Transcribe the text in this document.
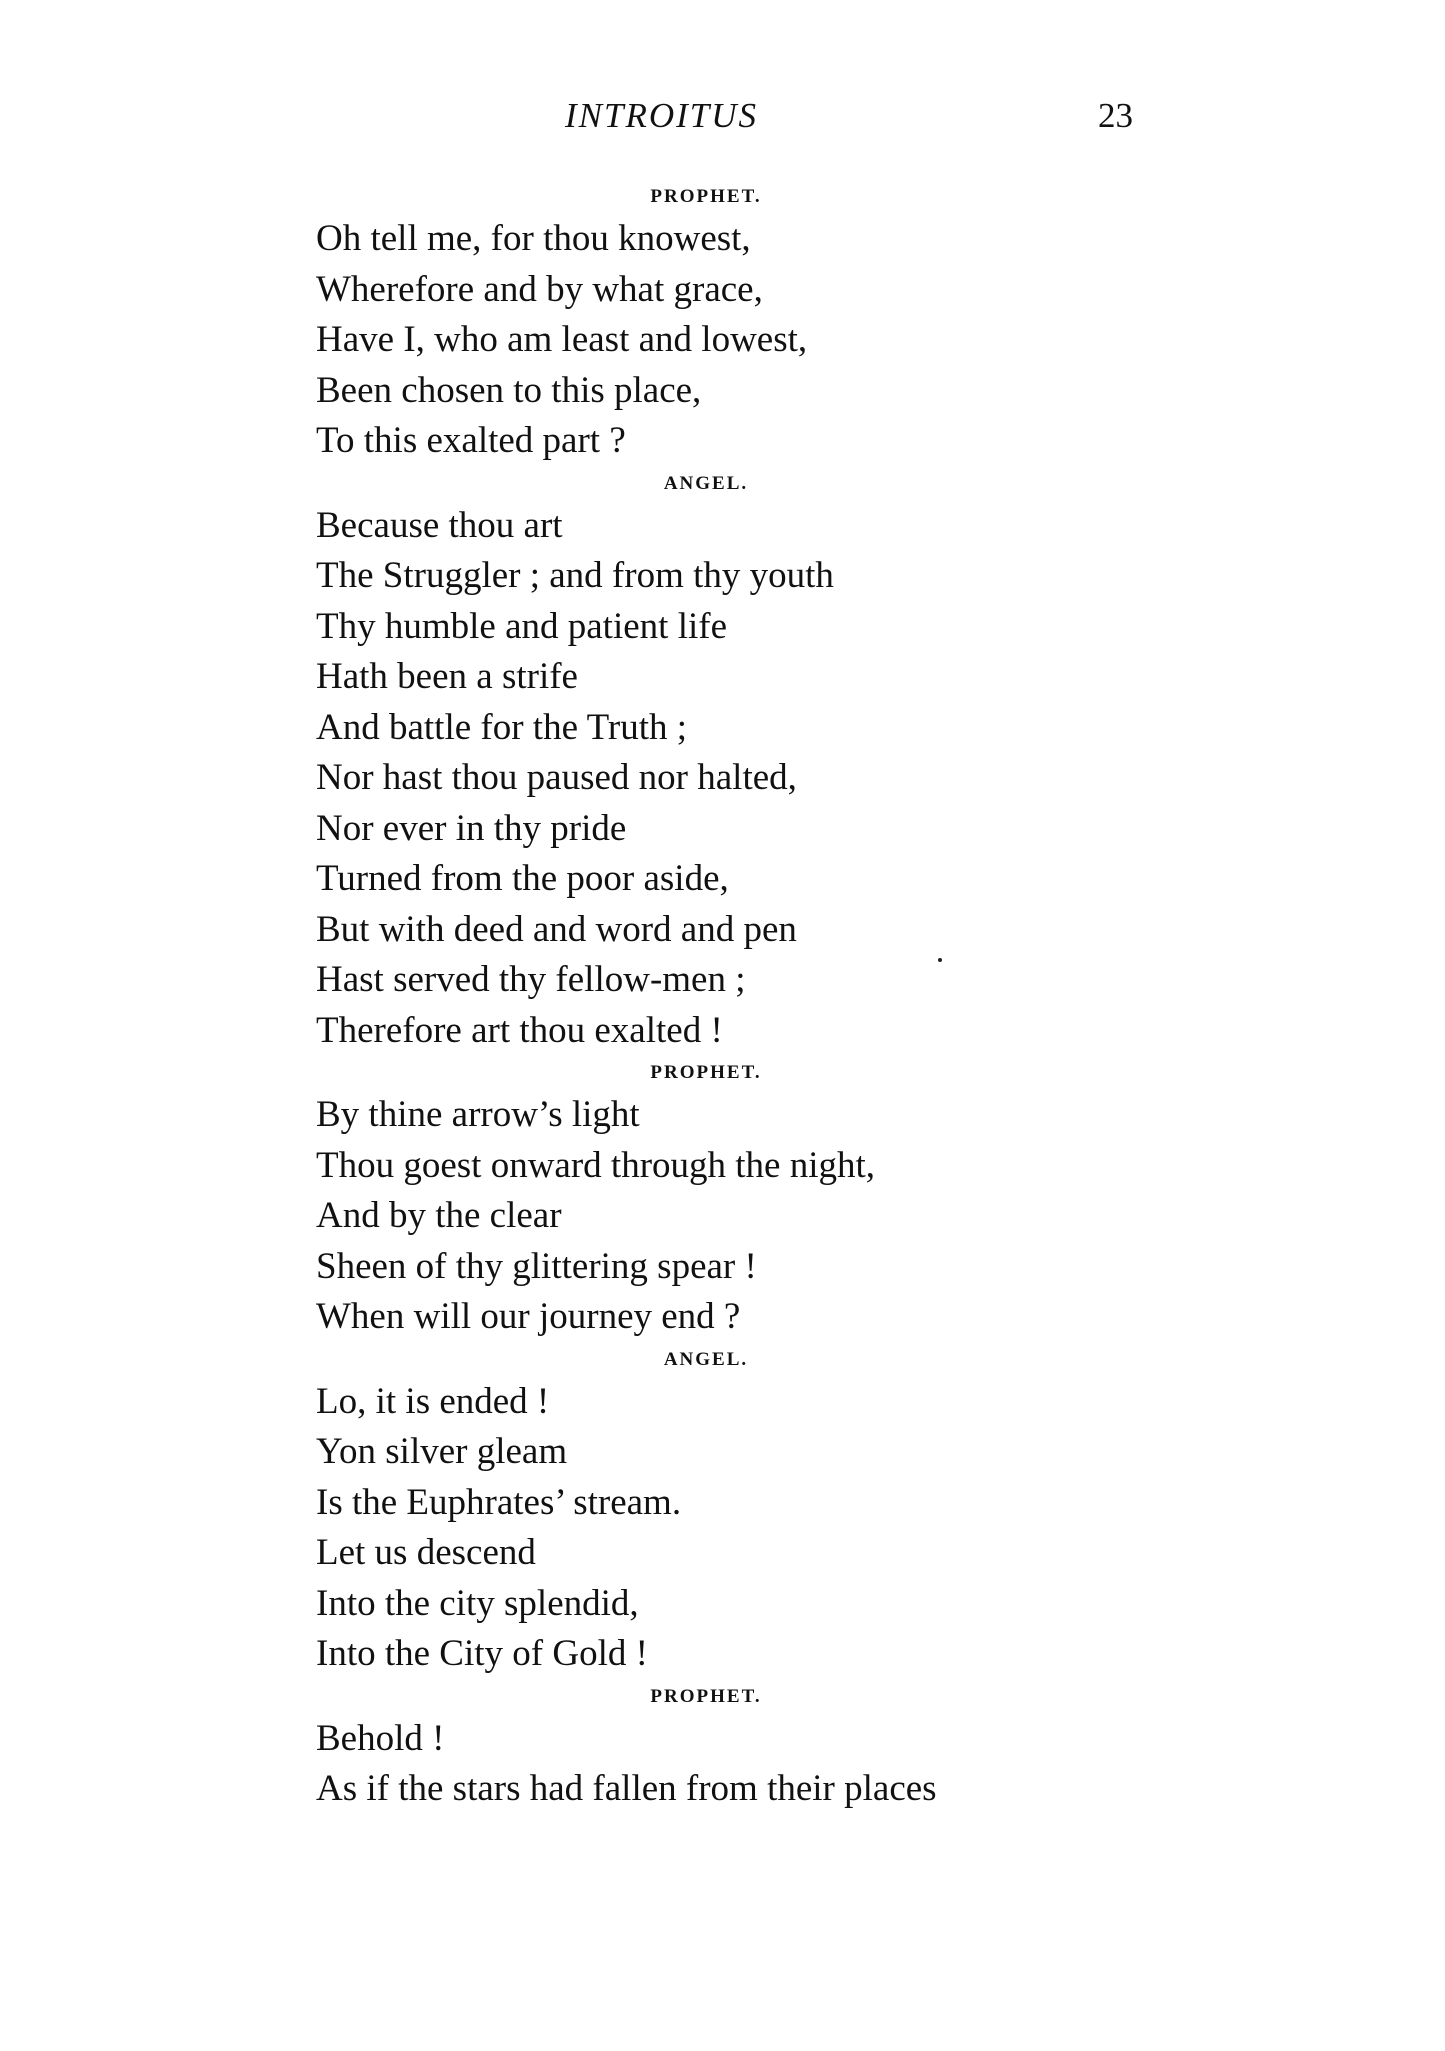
INTROITUS	23
PROPHET.
Oh tell me, for thou knowest,
Wherefore and by what grace,
Have I, who am least and lowest,
Been chosen to this place,
To this exalted part ?
ANGEL.
Because thou art
The Struggler ; and from thy youth
Thy humble and patient life
Hath been a strife
And battle for the Truth ;
Nor hast thou paused nor halted,
Nor ever in thy pride
Turned from the poor aside,
But with deed and word and pen
Hast served thy fellow-men ;
Therefore art thou exalted !
PROPHET.
By thine arrow’s light
Thou goest onward through the night,
And by the clear
Sheen of thy glittering spear !
When will our journey end ?
ANGEL.
Lo, it is ended !
Yon silver gleam
Is the Euphrates’ stream.
Let us descend
Into the city splendid,
Into the City of Gold !
PROPHET.
Behold !
As if the stars had fallen from their places
